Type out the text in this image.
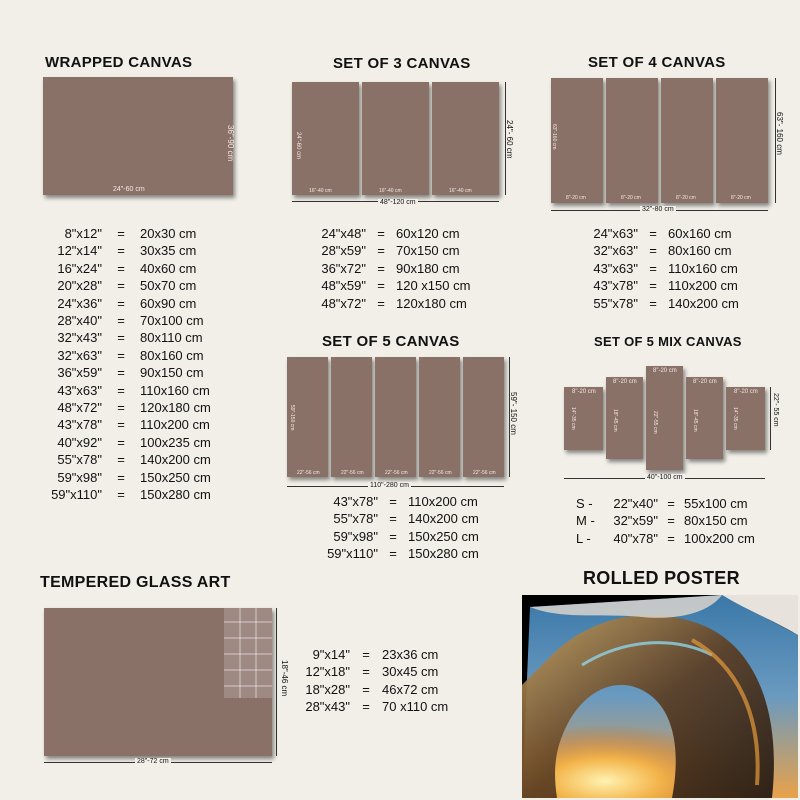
WRAPPED CANVAS
24"-60 cm
36"-90 cm
8"x12"	=	20x30 cm
12"x14"	=	30x35 cm
16"x24"	=	40x60 cm
20"x28"	=	50x70 cm
24"x36"	=	60x90 cm
28"x40"	=	70x100 cm
32"x43"	=	80x110 cm
32"x63"	=	80x160 cm
36"x59"	=	90x150 cm
43"x63"	=	110x160 cm
48"x72"	=	120x180 cm
43"x78"	=	110x200 cm
40"x92"	=	100x235 cm
55"x78"	=	140x200 cm
59"x98"	=	150x250 cm
59"x110"	=	150x280 cm
SET OF 3 CANVAS
24"-60 cm
16"-40 cm	16"-40 cm	16"-40 cm
24"- 60 cm
48"-120 cm
24"x48" = 60x120 cm
28"x59" = 70x150 cm
36"x72" = 90x180 cm
48"x59" = 120 x150 cm
48"x72" = 120x180 cm
SET OF 4 CANVAS
63"-160 cm
8"-20 cm	8"-20 cm	8"-20 cm	8"-20 cm
63"- 160 cm
32"-80 cm
24"x63" = 60x160 cm
32"x63" = 80x160 cm
43"x63" = 110x160 cm
43"x78" = 110x200 cm
55"x78" = 140x200 cm
SET OF 5 CANVAS
59"-150 cm
22"-56 cm	22"-56 cm	22"-56 cm	22"-56 cm	22"-56 cm
59"- 150 cm
110"-280 cm
43"x78" = 110x200 cm
55"x78" = 140x200 cm
59"x98" = 150x250 cm
59"x110" = 150x280 cm
SET OF 5 MIX CANVAS
8"-20 cm
14"-35 cm
8"-20 cm
18"-45 cm
8"-20 cm
22"-55 cm
8"-20 cm
18"-45 cm
8"-20 cm
14"-35 cm	22"- 55 cm
40"-100 cm
S -	22"x40" = 55x100 cm
M -	32"x59" = 80x150 cm
L -	40"x78" = 100x200 cm
TEMPERED GLASS ART
18"-46 cm
28"-72 cm
9"x14" = 23x36 cm
12"x18" = 30x45 cm
18"x28" = 46x72 cm
28"x43" = 70 x110 cm
ROLLED POSTER
